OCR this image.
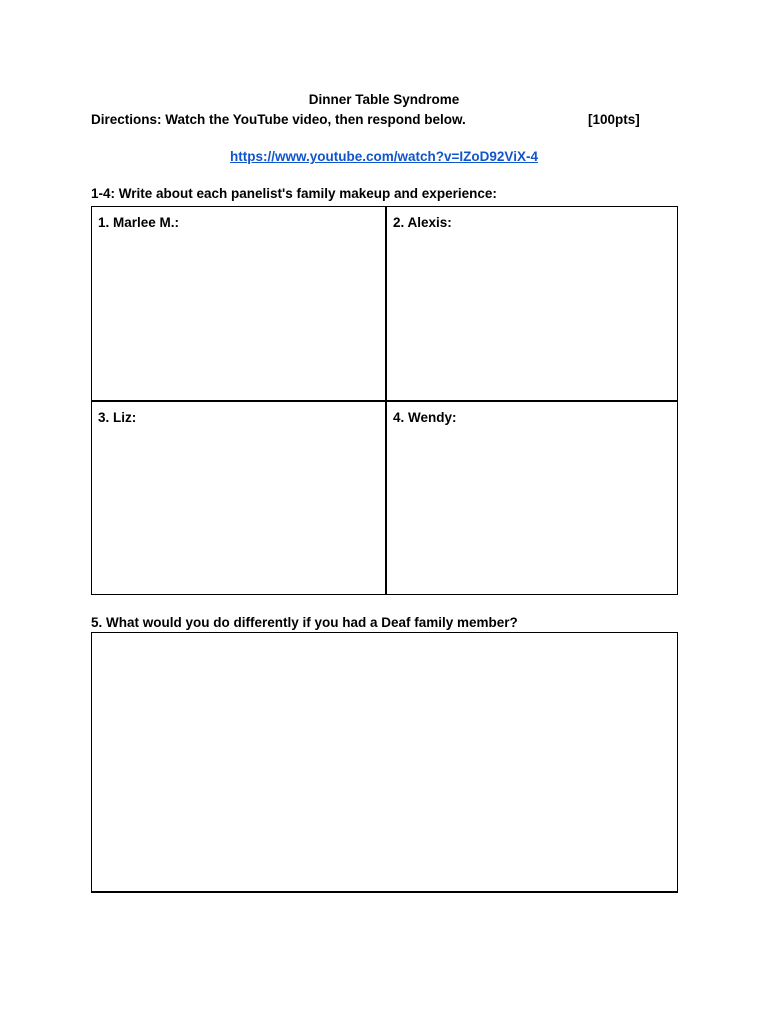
Dinner Table Syndrome
Directions: Watch the YouTube video, then respond below.	[100pts]
https://www.youtube.com/watch?v=IZoD92ViX-4
1-4: Write about each panelist's family makeup and experience:
1. Marlee M.:	2. Alexis:
3. Liz:	4. Wendy:
5. What would you do differently if you had a Deaf family member?
